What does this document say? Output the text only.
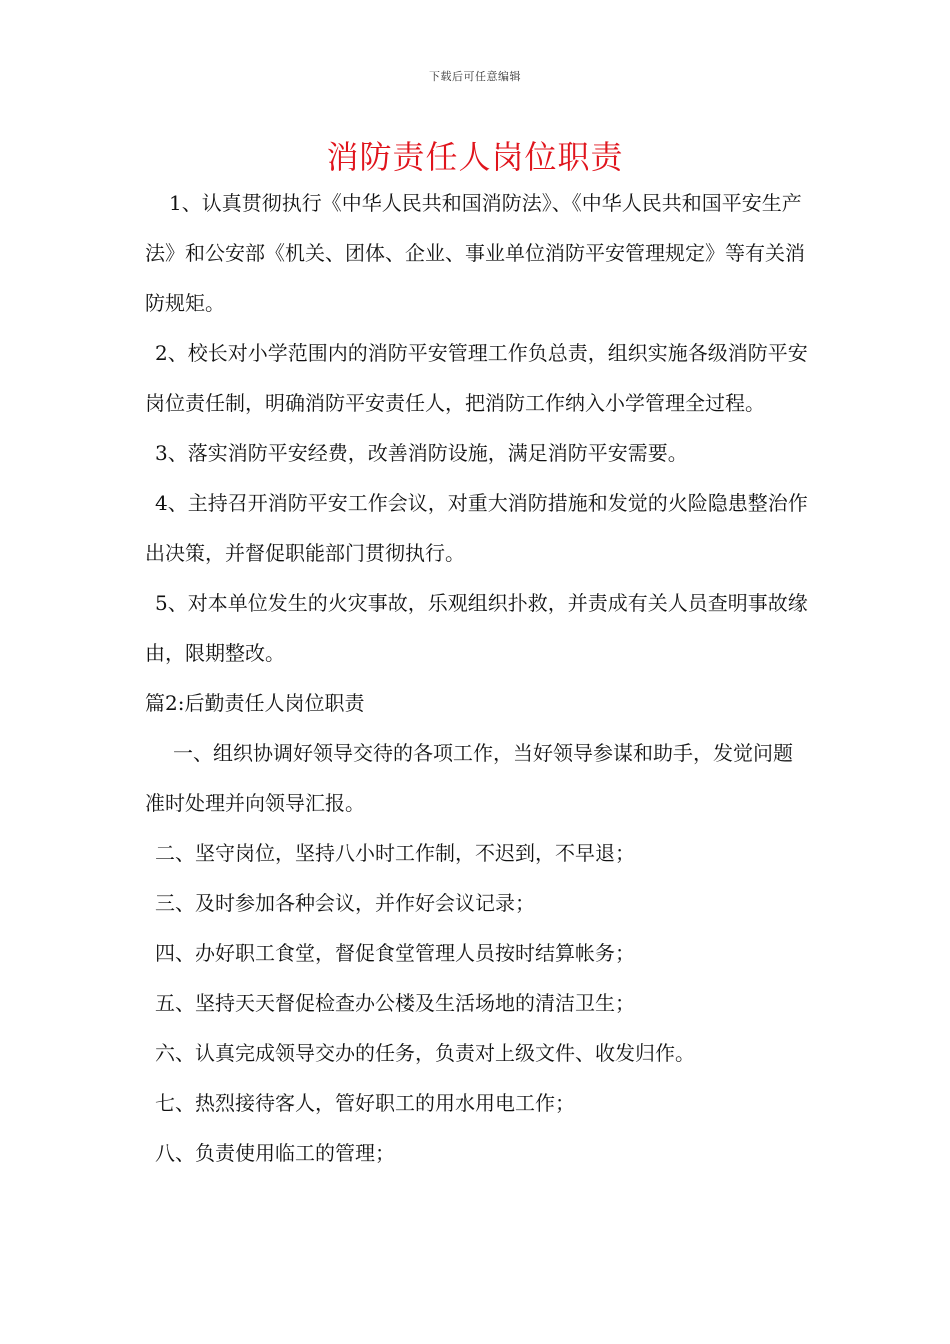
下载后可任意编辑
消防责任人岗位职责

1、认真贯彻执行《中华人民共和国消防法》、《中华人民共和国平安生产法》和公安部《机关、团体、企业、事业单位消防平安管理规定》等有关消防规矩。

2、校长对小学范围内的消防平安管理工作负总责，组织实施各级消防平安岗位责任制，明确消防平安责任人，把消防工作纳入小学管理全过程。

3、落实消防平安经费，改善消防设施，满足消防平安需要。

4、主持召开消防平安工作会议，对重大消防措施和发觉的火险隐患整治作出决策，并督促职能部门贯彻执行。

5、对本单位发生的火灾事故，乐观组织扑救，并责成有关人员查明事故缘由，限期整改。

篇2:后勤责任人岗位职责

一、组织协调好领导交待的各项工作，当好领导参谋和助手，发觉问题准时处理并向领导汇报。

二、坚守岗位，坚持八小时工作制，不迟到，不早退；

三、及时参加各种会议，并作好会议记录；

四、办好职工食堂，督促食堂管理人员按时结算帐务；

五、坚持天天督促检查办公楼及生活场地的清洁卫生；

六、认真完成领导交办的任务，负责对上级文件、收发归作。

七、热烈接待客人，管好职工的用水用电工作；

八、负责使用临工的管理；
